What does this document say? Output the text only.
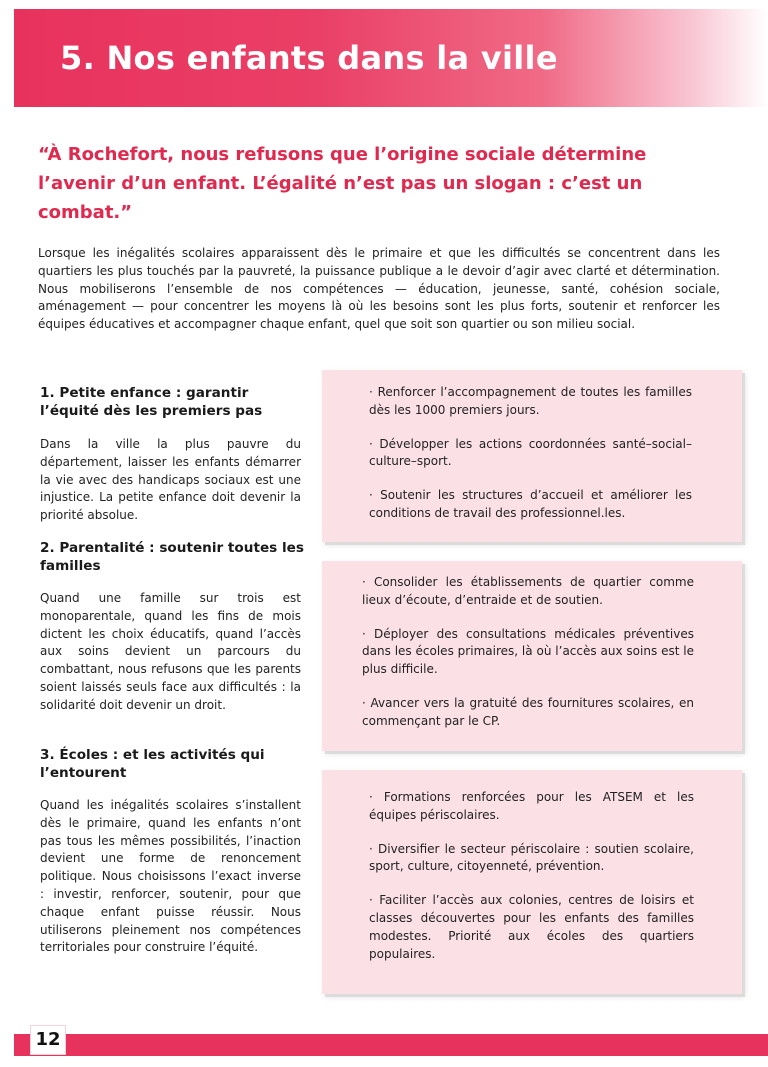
5. Nos enfants dans la ville

“À Rochefort, nous refusons que l’origine sociale détermine l’avenir d’un enfant. L’égalité n’est pas un slogan : c’est un combat.”

Lorsque les inégalités scolaires apparaissent dès le primaire et que les difficultés se concentrent dans les quartiers les plus touchés par la pauvreté, la puissance publique a le devoir d’agir avec clarté et détermination. Nous mobiliserons l’ensemble de nos compétences — éducation, jeunesse, santé, cohésion sociale, aménagement — pour concentrer les moyens là où les besoins sont les plus forts, soutenir et renforcer les équipes éducatives et accompagner chaque enfant, quel que soit son quartier ou son milieu social.

1. Petite enfance : garantir l’équité dès les premiers pas

Dans la ville la plus pauvre du département, laisser les enfants démarrer la vie avec des handicaps sociaux est une injustice. La petite enfance doit devenir la priorité absolue.

· Renforcer l’accompagnement de toutes les familles dès les 1000 premiers jours.
· Développer les actions coordonnées santé–social–culture–sport.
· Soutenir les structures d’accueil et améliorer les conditions de travail des professionnel.les.

2. Parentalité : soutenir toutes les familles

Quand une famille sur trois est monoparentale, quand les fins de mois dictent les choix éducatifs, quand l’accès aux soins devient un parcours du combattant, nous refusons que les parents soient laissés seuls face aux difficultés : la solidarité doit devenir un droit.

· Consolider les établissements de quartier comme lieux d’écoute, d’entraide et de soutien.
· Déployer des consultations médicales préventives dans les écoles primaires, là où l’accès aux soins est le plus difficile.
· Avancer vers la gratuité des fournitures scolaires, en commençant par le CP.

3. Écoles : et les activités qui l’entourent

Quand les inégalités scolaires s’installent dès le primaire, quand les enfants n’ont pas tous les mêmes possibilités, l’inaction devient une forme de renoncement politique. Nous choisissons l’exact inverse : investir, renforcer, soutenir, pour que chaque enfant puisse réussir. Nous utiliserons pleinement nos compétences territoriales pour construire l’équité.

· Formations renforcées pour les ATSEM et les équipes périscolaires.
· Diversifier le secteur périscolaire : soutien scolaire, sport, culture, citoyenneté, prévention.
· Faciliter l’accès aux colonies, centres de loisirs et classes découvertes pour les enfants des familles modestes. Priorité aux écoles des quartiers populaires.
12
